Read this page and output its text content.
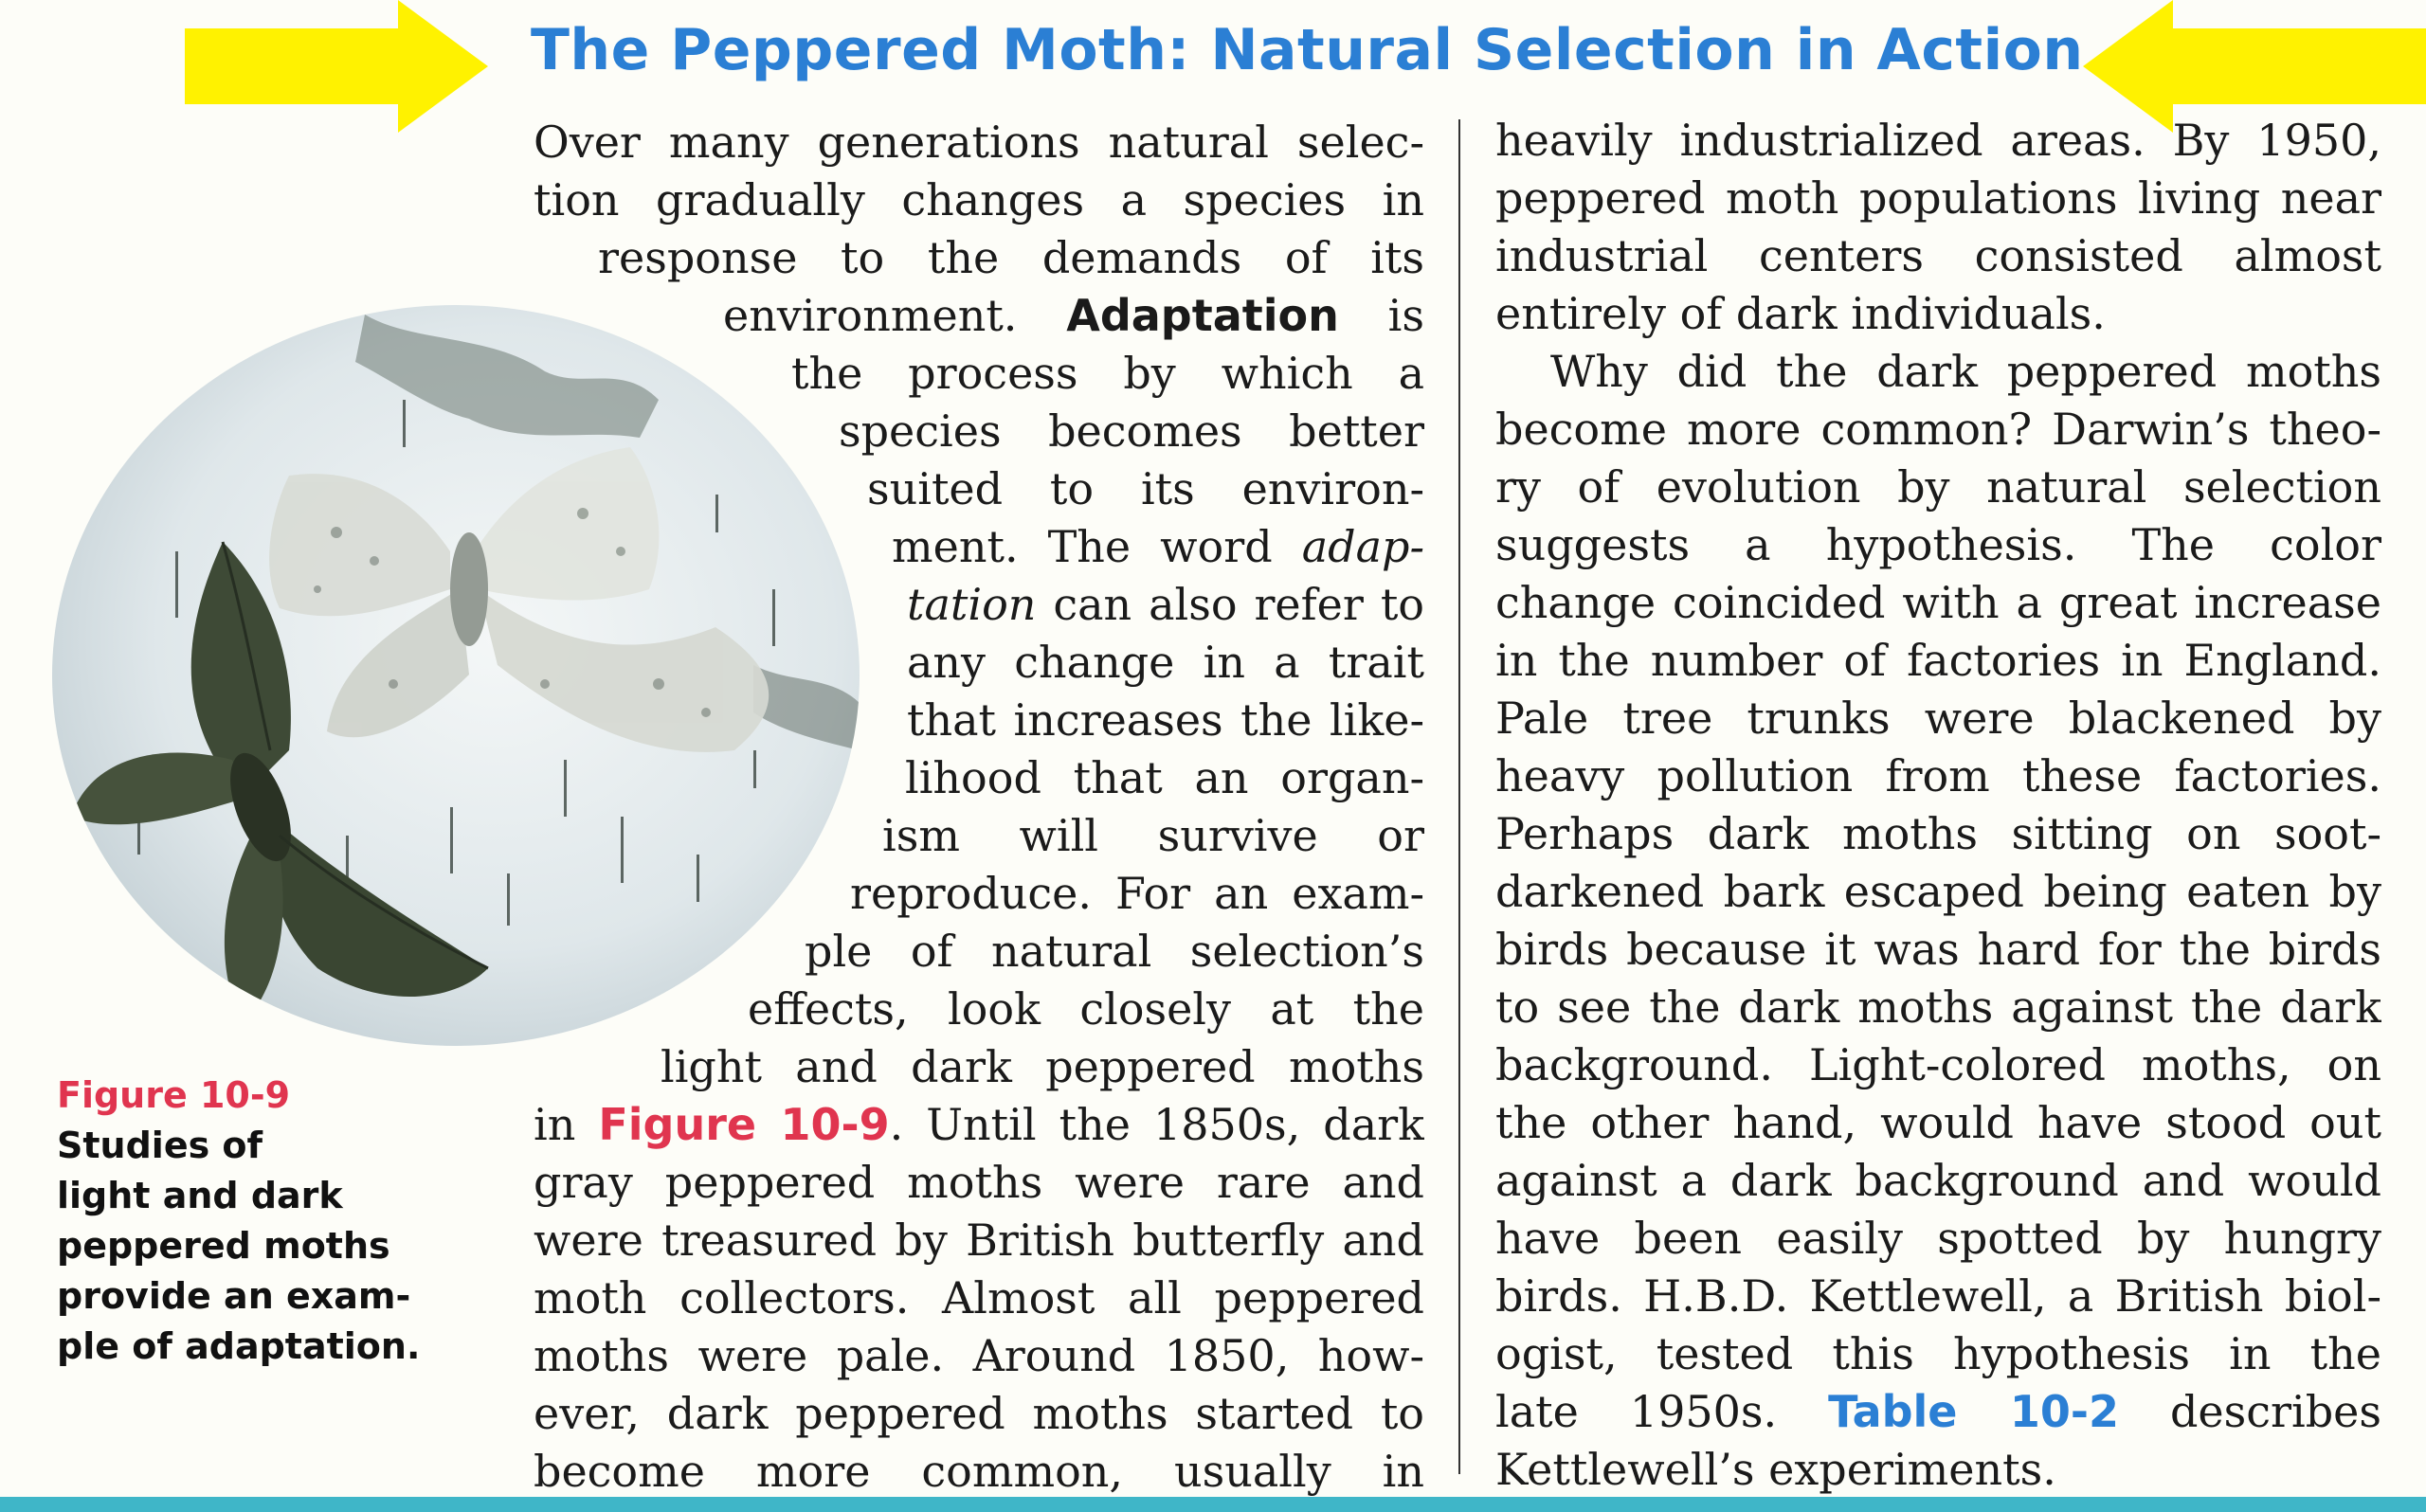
The Peppered Moth: Natural Selection in Action
Figure 10-9
Studies of
light and dark
peppered moths
provide an exam-
ple of adaptation.
Over many generations natural selec-
tion gradually changes a species in
response to the demands of its
environment. Adaptation is
the process by which a
species becomes better
suited to its environ-
ment. The word adap-
tation can also refer to
any change in a trait
that increases the like-
lihood that an organ-
ism will survive or
reproduce. For an exam-
ple of natural selection’s
effects, look closely at the
light and dark peppered moths
in Figure 10-9. Until the 1850s, dark
gray peppered moths were rare and
were treasured by British butterfly and
moth collectors. Almost all peppered
moths were pale. Around 1850, how-
ever, dark peppered moths started to
become more common, usually in
heavily industrialized areas. By 1950,
peppered moth populations living near
industrial centers consisted almost
entirely of dark individuals.
Why did the dark peppered moths
become more common? Darwin’s theo-
ry of evolution by natural selection
suggests a hypothesis. The color
change coincided with a great increase
in the number of factories in England.
Pale tree trunks were blackened by
heavy pollution from these factories.
Perhaps dark moths sitting on soot-
darkened bark escaped being eaten by
birds because it was hard for the birds
to see the dark moths against the dark
background. Light-colored moths, on
the other hand, would have stood out
against a dark background and would
have been easily spotted by hungry
birds. H.B.D. Kettlewell, a British biol-
ogist, tested this hypothesis in the
late 1950s. Table 10-2 describes
Kettlewell’s experiments.
